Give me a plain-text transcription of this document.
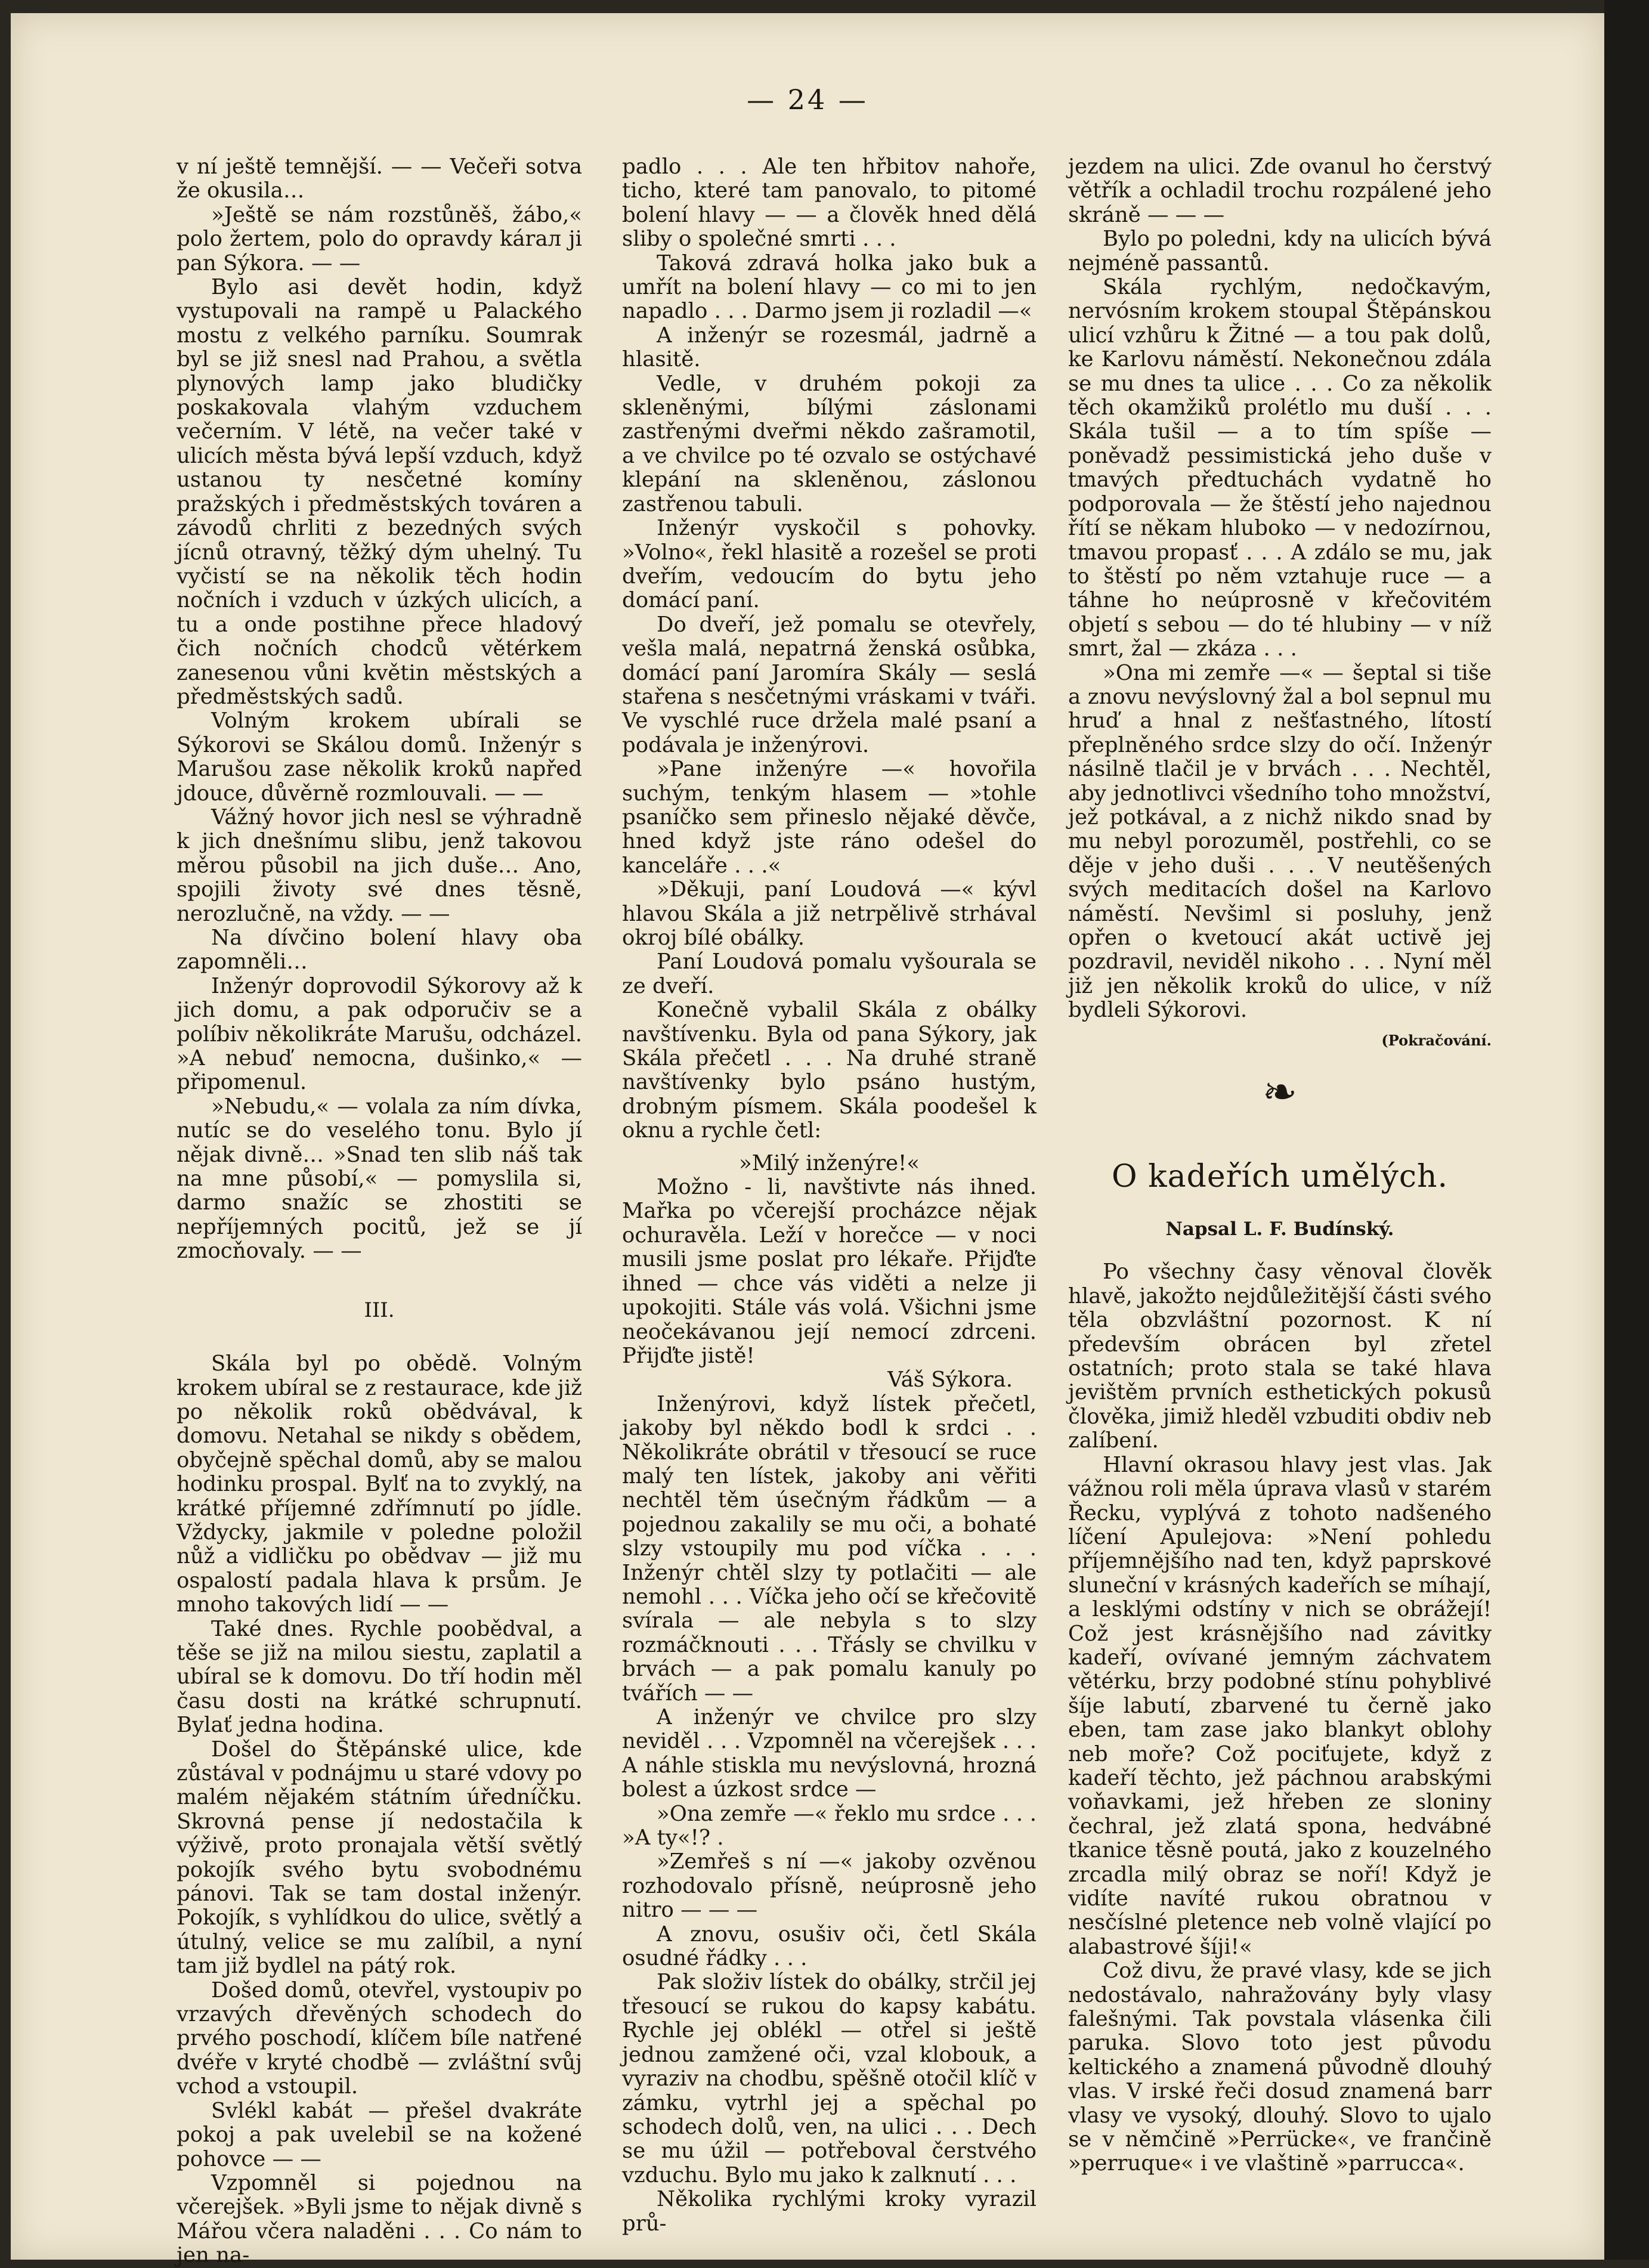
— 24 —

v ní ještě temnější. — — Večeři sotva že okusila…

»Ještě se nám rozstůněš, žábo,« polo žertem, polo do opravdy kárал ji pan Sýkora. — —

Bylo asi devět hodin, když vystupovali na rampě u Palackého mostu z velkého parníku. Soumrak byl se již snesl nad Prahou, a světla plynových lamp jako bludičky poskakovala vlahým vzduchem večerním. V létě, na večer také v ulicích města bývá lepší vzduch, když ustanou ty nesčetné komíny pražských i předměstských továren a závodů chrliti z bezedných svých jícnů otravný, těžký dým uhelný. Tu vyčistí se na několik těch hodin nočních i vzduch v úzkých ulicích, a tu a onde postihne přece hladový čich nočních chodců větérkem zanesenou vůni květin městských a předměstských sadů.

Volným krokem ubírali se Sýkorovi se Skálou domů. Inženýr s Marušou zase několik kroků napřed jdouce, důvěrně rozmlouvali. — —

Vážný hovor jich nesl se výhradně k jich dnešnímu slibu, jenž takovou měrou působil na jich duše… Ano, spojili životy své dnes těsně, nerozlučně, na vždy. — —

Na dívčino bolení hlavy oba zapomněli…

Inženýr doprovodil Sýkorovy až k jich domu, a pak odporučiv se a políbiv několikráte Marušu, odcházel. »A nebuď nemocna, dušinko,« — připomenul.

»Nebudu,« — volala za ním dívka, nutíc se do veselého tonu. Bylo jí nějak divně… »Snad ten slib náš tak na mne působí,« — pomyslila si, darmo snažíc se zhostiti se nepříjemných pocitů, jež se jí zmocňovaly. — —

III.

Skála byl po obědě. Volným krokem ubíral se z restaurace, kde již po několik roků obědvával, k domovu. Netahal se nikdy s obědem, obyčejně spěchal domů, aby se malou hodinku prospal. Bylť na to zvyklý, na krátké příjemné zdřímnutí po jídle. Vždycky, jakmile v poledne položil nůž a vidličku po obědvav — již mu ospalostí padala hlava k prsům. Je mnoho takových lidí — —

Také dnes. Rychle poobědval, a těše se již na milou siestu, zaplatil a ubíral se k domovu. Do tří hodin měl času dosti na krátké schrupnutí. Bylať jedna hodina.

Došel do Štěpánské ulice, kde zůstával v podnájmu u staré vdovy po malém nějakém státním úředníčku. Skrovná pense jí nedostačila k výživě, proto pronajala větší světlý pokojík svého bytu svobodnému pánovi. Tak se tam dostal inženýr. Pokojík, s vyhlídkou do ulice, světlý a útulný, velice se mu zalíbil, a nyní tam již bydlel na pátý rok.

Došed domů, otevřel, vystoupiv po vrzavých dřevěných schodech do prvého poschodí, klíčem bíle natřené dvéře v kryté chodbě — zvláštní svůj vchod a vstoupil.

Svlékl kabát — přešel dvakráte pokoj a pak uvelebil se na kožené pohovce — —

Vzpomněl si pojednou na včerejšek. »Byli jsme to nějak divně s Mářou včera naladěni . . . Co nám to jen na-

padlo . . . Ale ten hřbitov nahoře, ticho, které tam panovalo, to pitomé bolení hlavy — — a člověk hned dělá sliby o společné smrti . . .

Taková zdravá holka jako buk a umřít na bolení hlavy — co mi to jen napadlo . . . Darmo jsem ji rozladil —«

A inženýr se rozesmál, jadrně a hlasitě.

Vedle, v druhém pokoji za skleněnými, bílými záslonami zastřenými dveřmi někdo zašramotil, a ve chvilce po té ozvalo se ostýchavé klepání na skleněnou, záslonou zastřenou tabuli.

Inženýr vyskočil s pohovky. »Volno«, řekl hlasitě a rozešel se proti dveřím, vedoucím do bytu jeho domácí paní.

Do dveří, jež pomalu se otevřely, vešla malá, nepatrná ženská osůbka, domácí paní Jaromíra Skály — seslá stařena s nesčetnými vráskami v tváři. Ve vyschlé ruce držela malé psaní a podávala je inženýrovi.

»Pane inženýre —« hovořila suchým, tenkým hlasem — »tohle psaníčko sem přineslo nějaké děvče, hned když jste ráno odešel do kanceláře . . .«

»Děkuji, paní Loudová —« kývl hlavou Skála a již netrpělivě strhával okroj bílé obálky.

Paní Loudová pomalu vyšourala se ze dveří.

Konečně vybalil Skála z obálky navštívenku. Byla od pana Sýkory, jak Skála přečetl . . . Na druhé straně navštívenky bylo psáno hustým, drobným písmem. Skála poodešel k oknu a rychle četl:

»Milý inženýre!«

Možno - li, navštivte nás ihned. Mařka po včerejší procházce nějak ochuravěla. Leží v horečce — v noci musili jsme poslat pro lékaře. Přijďte ihned — chce vás viděti a nelze ji upokojiti. Stále vás volá. Všichni jsme neočekávanou její nemocí zdrceni. Přijďte jistě!

Váš Sýkora.

Inženýrovi, když lístek přečetl, jakoby byl někdo bodl k srdci . . Několikráte obrátil v třesoucí se ruce malý ten lístek, jakoby ani věřiti nechtěl těm úsečným řádkům — a pojednou zakalily se mu oči, a bohaté slzy vstoupily mu pod víčka . . . Inženýr chtěl slzy ty potlačiti — ale nemohl . . . Víčka jeho očí se křečovitě svírala — ale nebyla s to slzy rozmáčknouti . . . Třásly se chvilku v brvách — a pak pomalu kanuly po tvářích — —

A inženýr ve chvilce pro slzy neviděl . . . Vzpomněl na včerejšek . . . A náhle stiskla mu nevýslovná, hrozná bolest a úzkost srdce —

»Ona zemře —« řeklo mu srdce . . . »A ty«!? .

»Zemřeš s ní —« jakoby ozvěnou rozhodovalo přísně, neúprosně jeho nitro — — —

A znovu, osušiv oči, četl Skála osudné řádky . . .

Pak složiv lístek do obálky, strčil jej třesoucí se rukou do kapsy kabátu. Rychle jej oblékl — otřel si ještě jednou zamžené oči, vzal klobouk, a vyraziv na chodbu, spěšně otočil klíč v zámku, vytrhl jej a spěchal po schodech dolů, ven, na ulici . . . Dech se mu úžil — potřeboval čerstvého vzduchu. Bylo mu jako k zalknutí . . .

Několika rychlými kroky vyrazil prů-

jezdem na ulici. Zde ovanul ho čerstvý větřík a ochladil trochu rozpálené jeho skráně — — —

Bylo po poledni, kdy na ulicích bývá nejméně passantů.

Skála rychlým, nedočkavým, nervósním krokem stoupal Štěpánskou ulicí vzhůru k Žitné — a tou pak dolů, ke Karlovu náměstí. Nekonečnou zdála se mu dnes ta ulice . . . Co za několik těch okamžiků prolétlo mu duší . . . Skála tušil — a to tím spíše — poněvadž pessimistická jeho duše v tmavých předtuchách vydatně ho podporovala — že štěstí jeho najednou řítí se někam hluboko — v nedozírnou, tmavou propasť . . . A zdálo se mu, jak to štěstí po něm vztahuje ruce — a táhne ho neúprosně v křečovitém objetí s sebou — do té hlubiny — v níž smrt, žal — zkáza . . .

»Ona mi zemře —« — šeptal si tiše a znovu nevýslovný žal a bol sepnul mu hruď a hnal z nešťastného, lítostí přeplněného srdce slzy do očí. Inženýr násilně tlačil je v brvách . . . Nechtěl, aby jednotlivci všedního toho množství, jež potkával, a z nichž nikdo snad by mu nebyl porozuměl, postřehli, co se děje v jeho duši . . . V neutěšených svých meditacích došel na Karlovo náměstí. Nevšiml si posluhy, jenž opřen o kvetoucí akát uctivě jej pozdravil, neviděl nikoho . . . Nyní měl již jen několik kroků do ulice, v níž bydleli Sýkorovi.

(Pokračování.

❧
O kadeřích umělých.

Napsal L. F. Budínský.

Po všechny časy věnoval člověk hlavě, jakožto nejdůležitější části svého těla obzvláštní pozornost. K ní především obrácen byl zřetel ostatních; proto stala se také hlava jevištěm prvních esthetických pokusů člověka, jimiž hleděl vzbuditi obdiv neb zalíbení.

Hlavní okrasou hlavy jest vlas. Jak vážnou roli měla úprava vlasů v starém Řecku, vyplývá z tohoto nadšeného líčení Apulejova: »Není pohledu příjemnějšího nad ten, když paprskové sluneční v krásných kadeřích se míhají, a lesklými odstíny v nich se obrážejí! Což jest krásnějšího nad závitky kadeří, ovívané jemným záchvatem větérku, brzy podobné stínu pohyblivé šíje labutí, zbarvené tu černě jako eben, tam zase jako blankyt oblohy neb moře? Což pociťujete, když z kadeří těchto, jež páchnou arabskými voňavkami, jež hřeben ze sloniny čechral, jež zlatá spona, hedvábné tkanice těsně poutá, jako z kouzelného zrcadla milý obraz se noří! Když je vidíte navíté rukou obratnou v nesčíslné pletence neb volně vlající po alabastrové šíji!«

Což divu, že pravé vlasy, kde se jich nedostávalo, nahražovány byly vlasy falešnými. Tak povstala vlásenka čili paruka. Slovo toto jest původu keltického a znamená původně dlouhý vlas. V irské řeči dosud znamená barr vlasy ve vysoký, dlouhý. Slovo to ujalo se v němčině »Perrücke«, ve frančině »perruque« i ve vlaštině »parrucca«.
